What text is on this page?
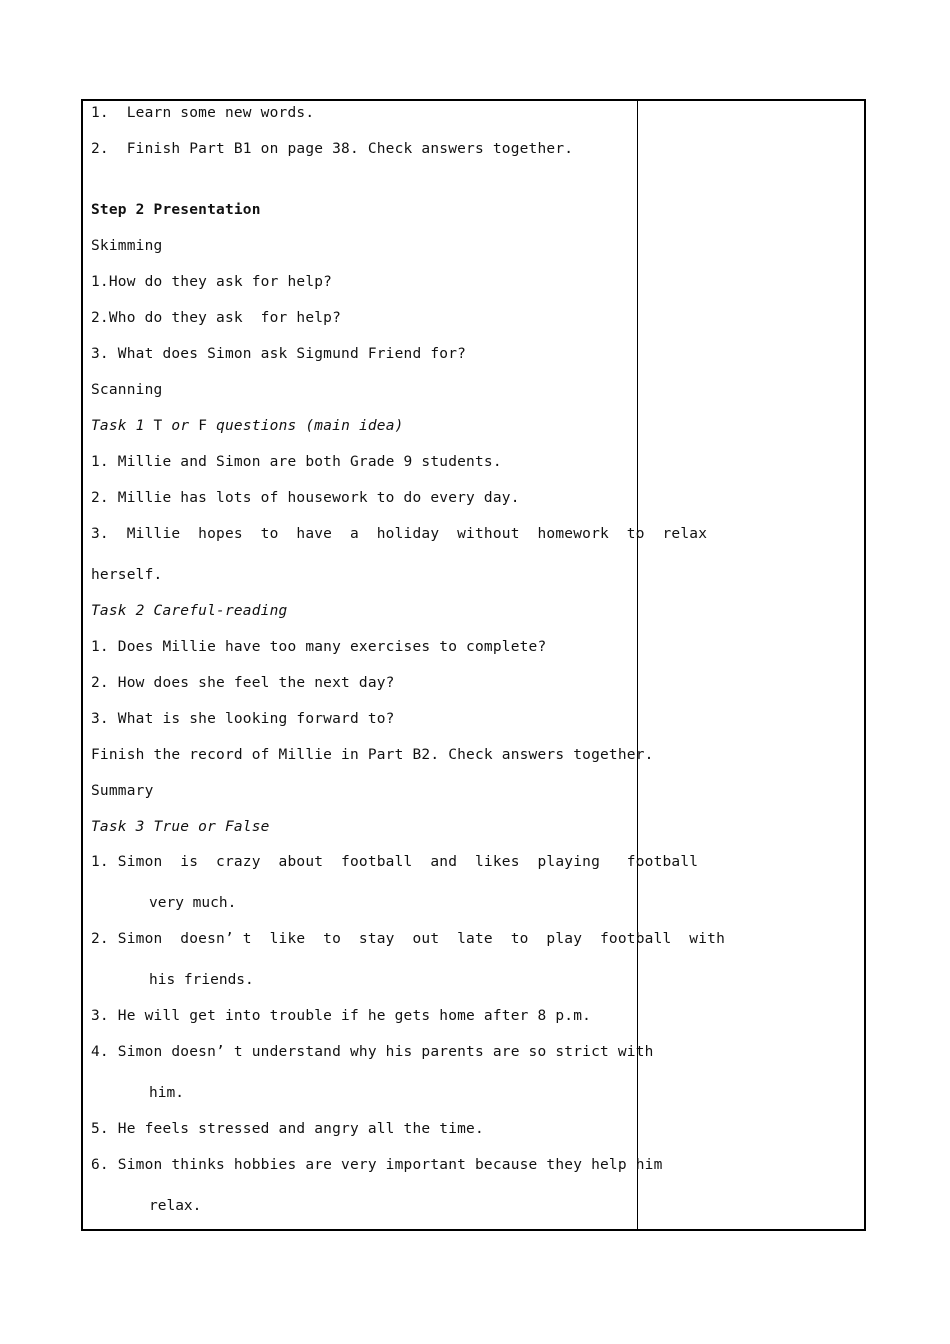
1.  Learn some new words.
2.  Finish Part B1 on page 38. Check answers together.
Step 2 Presentation
Skimming
1.How do they ask for help?
2.Who do they ask  for help?
3. What does Simon ask Sigmund Friend for?
Scanning
Task 1 T or F questions (main idea)
1. Millie and Simon are both Grade 9 students.
2. Millie has lots of housework to do every day.
3.  Millie  hopes  to  have  a  holiday  without  homework  to  relax
herself.
Task 2 Careful-reading
1. Does Millie have too many exercises to complete?
2. How does she feel the next day?
3. What is she looking forward to?
Finish the record of Millie in Part B2. Check answers together.
Summary
Task 3 True or False
1. Simon  is  crazy  about  football  and  likes  playing   football
very much.
2. Simon  doesn’ t  like  to  stay  out  late  to  play  football  with
his friends.
3. He will get into trouble if he gets home after 8 p.m.
4. Simon doesn’ t understand why his parents are so strict with
him.
5. He feels stressed and angry all the time.
6. Simon thinks hobbies are very important because they help him
relax.
